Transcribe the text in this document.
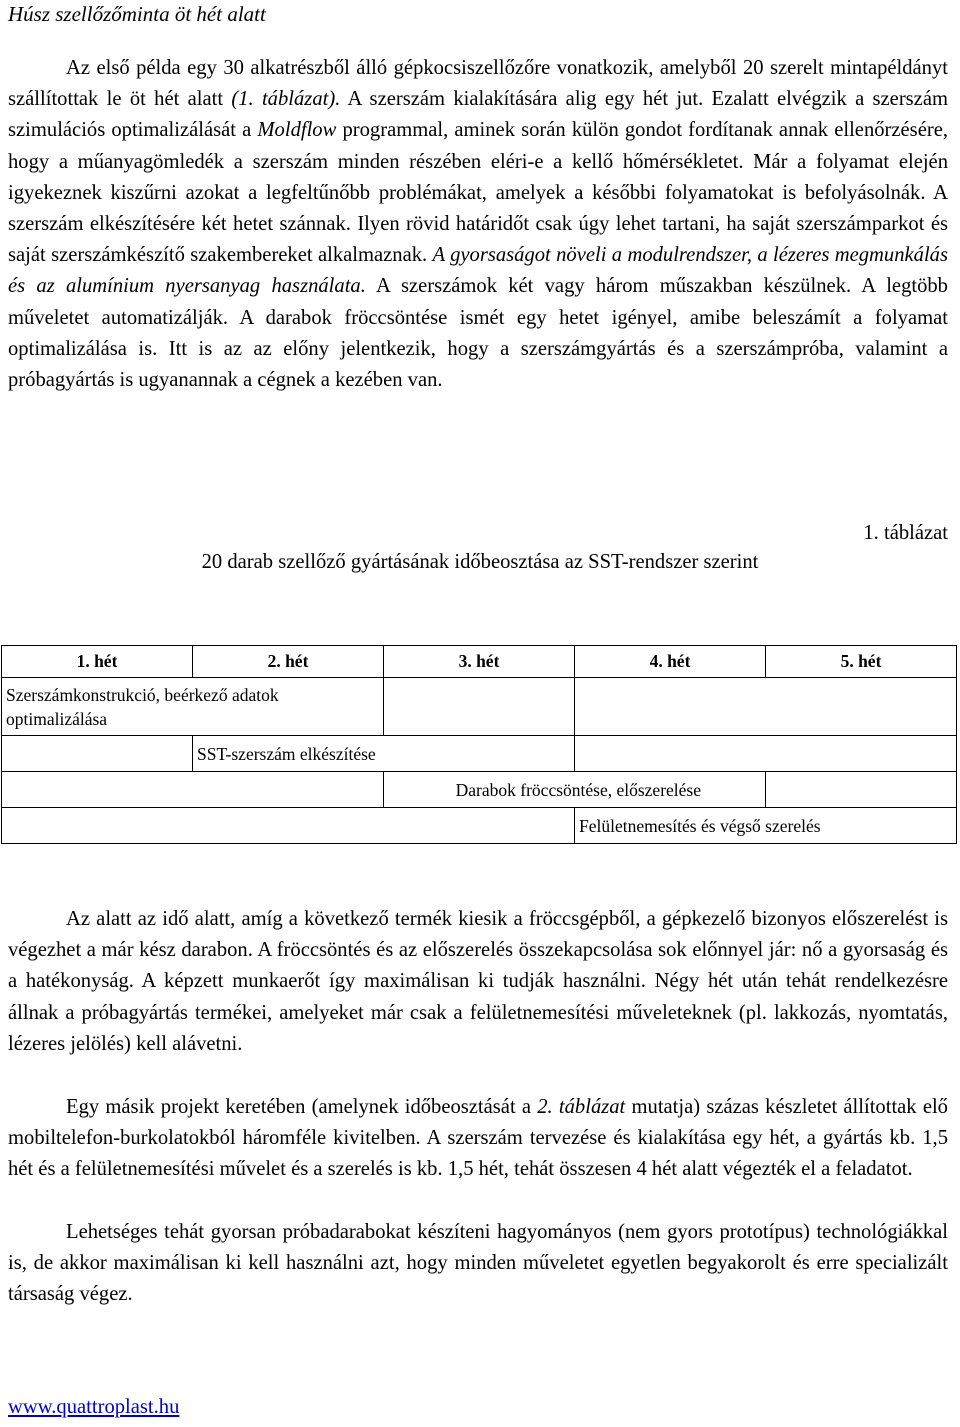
Húsz szellőzőminta öt hét alatt

Az első példa egy 30 alkatrészből álló gépkocsiszellőzőre vonatkozik, amelyből 20 szerelt mintapéldányt szállítottak le öt hét alatt (1. táblázat). A szerszám kialakítására alig egy hét jut. Ezalatt elvégzik a szerszám szimulációs optimalizálását a Moldflow programmal, aminek során külön gondot fordítanak annak ellenőrzésére, hogy a műanyagömledék a szerszám minden részében eléri-e a kellő hőmérsékletet. Már a folyamat elején igyekeznek kiszűrni azokat a legfeltűnőbb problémákat, amelyek a későbbi folyamatokat is befolyásolnák. A szerszám elkészítésére két hetet szánnak. Ilyen rövid határidőt csak úgy lehet tartani, ha saját szerszámparkot és saját szerszámkészítő szakembereket alkalmaznak. A gyorsaságot növeli a modulrendszer, a lézeres megmunkálás és az alumínium nyersanyag használata. A szerszámok két vagy három műszakban készülnek. A legtöbb műveletet automatizálják. A darabok fröccsöntése ismét egy hetet igényel, amibe beleszámít a folyamat optimalizálása is. Itt is az az előny jelentkezik, hogy a szerszámgyártás és a szerszámpróba, valamint a próbagyártás is ugyanannak a cégnek a kezében van.

1. táblázat
20 darab szellőző gyártásának időbeosztása az SST-rendszer szerint
1. hét	2. hét	3. hét	4. hét	5. hét
Szerszámkonstrukció, beérkező adatok optimalizálása				
	SST-szerszám elkészítése			
		Darabok fröccsöntése, előszerelése		
			Felületnemesítés és végső szerelés	

Az alatt az idő alatt, amíg a következő termék kiesik a fröccsgépből, a gépkezelő bizonyos előszerelést is végezhet a már kész darabon. A fröccsöntés és az előszerelés összekapcsolása sok előnnyel jár: nő a gyorsaság és a hatékonyság. A képzett munkaerőt így maximálisan ki tudják használni. Négy hét után tehát rendelkezésre állnak a próbagyártás termékei, amelyeket már csak a felületnemesítési műveleteknek (pl. lakkozás, nyomtatás, lézeres jelölés) kell alávetni.

Egy másik projekt keretében (amelynek időbeosztását a 2. táblázat mutatja) százas készletet állítottak elő mobiltelefon-burkolatokból háromféle kivitelben. A szerszám tervezése és kialakítása egy hét, a gyártás kb. 1,5 hét és a felületnemesítési művelet és a szerelés is kb. 1,5 hét, tehát összesen 4 hét alatt végezték el a feladatot.

Lehetséges tehát gyorsan próbadarabokat készíteni hagyományos (nem gyors prototípus) technológiákkal is, de akkor maximálisan ki kell használni azt, hogy minden műveletet egyetlen begyakorolt és erre specializált társaság végez.

www.quattroplast.hu
